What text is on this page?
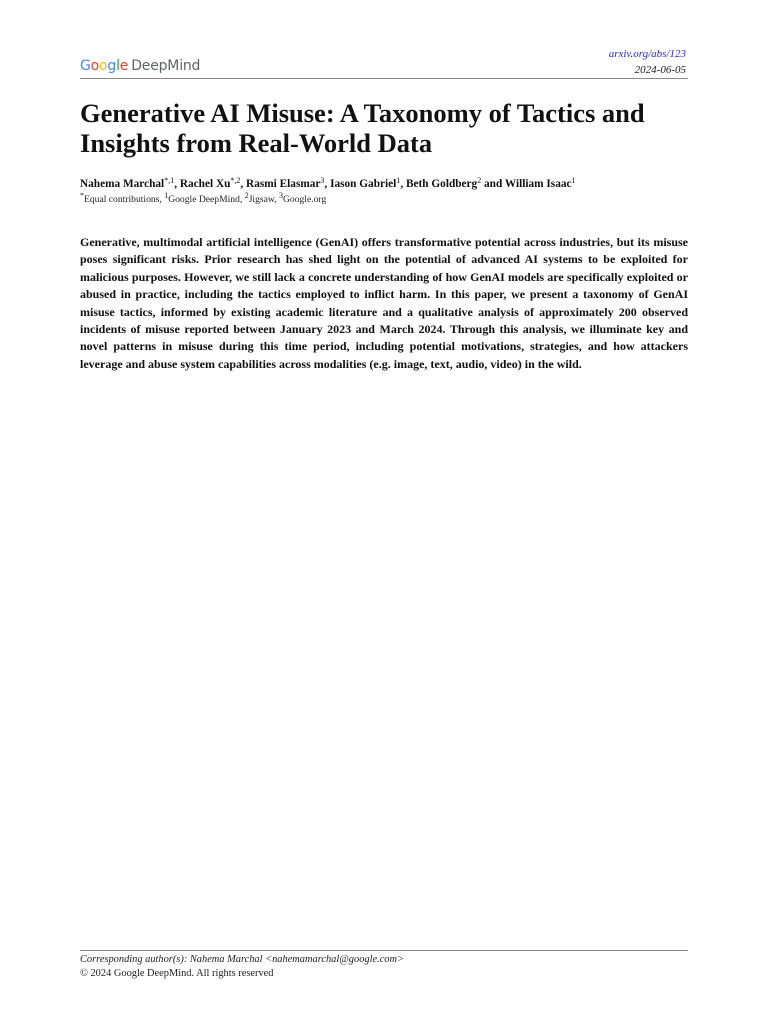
Google DeepMind
arxiv.org/abs/123
2024-06-05
Generative AI Misuse: A Taxonomy of Tactics and Insights from Real-World Data
Nahema Marchal$^{*,1}$, Rachel $Xu^{*,2}$, Rasmi Elasmar$^3$, Iason Gabriel$^1$, Beth Goldberg$^2$ and William Isaac$^1$
*Equal contributions, $^1$Google DeepMind, $^2$Jigsaw, $^3$Google.org

Generative, multimodal artificial intelligence (GenAI) offers transformative potential across industries, but its misuse poses significant risks. Prior research has shed light on the potential of advanced AI systems to be exploited for malicious purposes. However, we still lack a concrete understanding of how GenAI models are specifically exploited or abused in practice, including the tactics employed to inflict harm. In this paper, we present a taxonomy of GenAI misuse tactics, informed by existing academic literature and a qualitative analysis of approximately 200 observed incidents of misuse reported between January 2023 and March 2024. Through this analysis, we illuminate key and novel patterns in misuse during this time period, including potential motivations, strategies, and how attackers leverage and abuse system capabilities across modalities (e.g. image, text, audio, video) in the wild.

Corresponding author(s): Nahema Marchal <nahemamarchal@google.com>
© 2024 Google DeepMind. All rights reserved
